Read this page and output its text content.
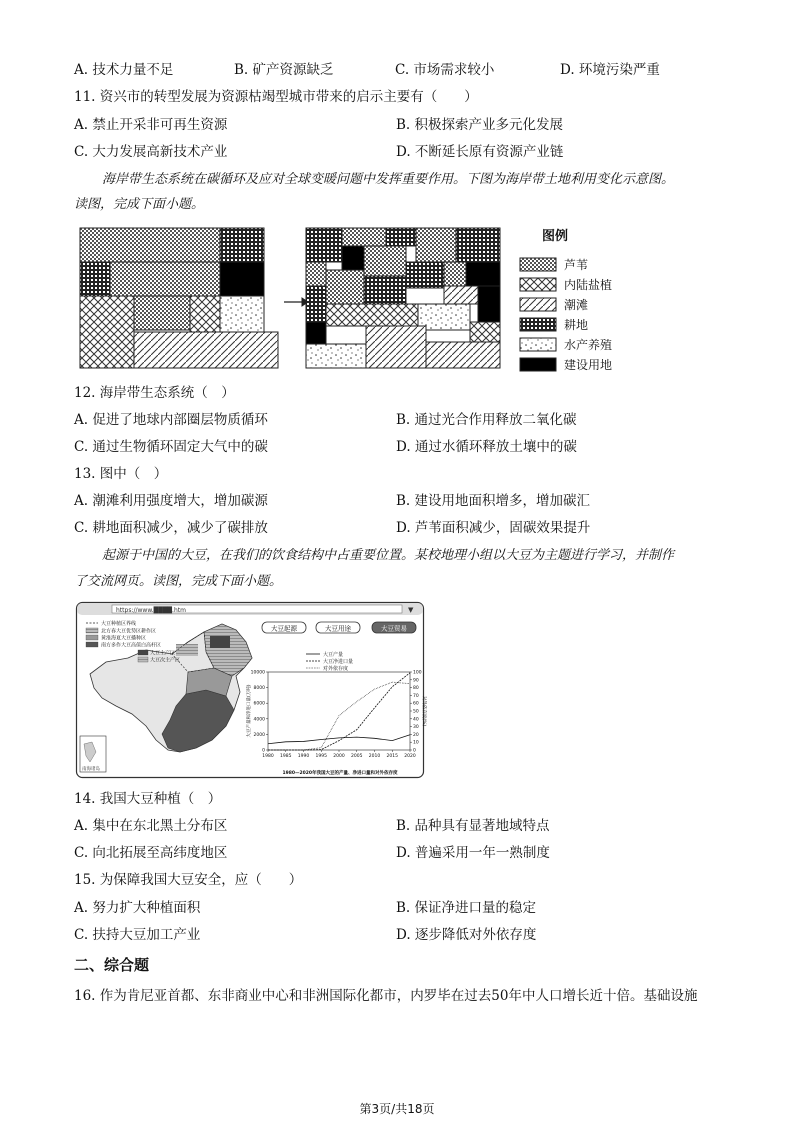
A. 技术力量不足	B. 矿产资源缺乏	C. 市场需求较小	D. 环境污染严重
11. 资兴市的转型发展为资源枯竭型城市带来的启示主要有（　　）
A. 禁止开采非可再生资源	B. 积极探索产业多元化发展
C. 大力发展高新技术产业	D. 不断延长原有资源产业链
海岸带生态系统在碳循环及应对全球变暖问题中发挥重要作用。下图为海岸带土地利用变化示意图。
读图，完成下面小题。
图例
芦苇
内陆盐植
潮滩
耕地
水产养殖
建设用地
12. 海岸带生态系统（　）
A. 促进了地球内部圈层物质循环	B. 通过光合作用释放二氧化碳
C. 通过生物循环固定大气中的碳	D. 通过水循环释放土壤中的碳
13. 图中（　）
A. 潮滩利用强度增大，增加碳源	B. 建设用地面积增多，增加碳汇
C. 耕地面积减少，减少了碳排放	D. 芦苇面积减少，固碳效果提升
起源于中国的大豆，在我们的饮食结构中占重要位置。某校地理小组以大豆为主题进行学习，并制作
了交流网页。读图，完成下面小题。
https://www.████.htm	▼
大豆起源	大豆用途	大豆贸易
南海诸岛
大豆种植区界线
北方春大豆优势区耕作区
黄淮海夏大豆播种区
南方多作大豆高值白高杆区
大豆主产区
大豆次主产区
大豆产量和净进口量(万吨)	对外依存度(%)
大豆产量
大豆净进口量
对外依存度
1980 1985 1990 1995 2000 2005 2010 2015 2020
0
2000
4000
6000
8000
10000
0
10
20
30
40
50
60
70
80
90
100
1980—2020年我国大豆的产量、净进口量和对外依存度
14. 我国大豆种植（　）
A. 集中在东北黑土分布区	B. 品种具有显著地域特点
C. 向北拓展至高纬度地区	D. 普遍采用一年一熟制度
15. 为保障我国大豆安全，应（　　）
A. 努力扩大种植面积	B. 保证净进口量的稳定
C. 扶持大豆加工产业	D. 逐步降低对外依存度
二、综合题
16. 作为肯尼亚首都、东非商业中心和非洲国际化都市，内罗毕在过去50年中人口增长近十倍。基础设施
第3页/共18页
